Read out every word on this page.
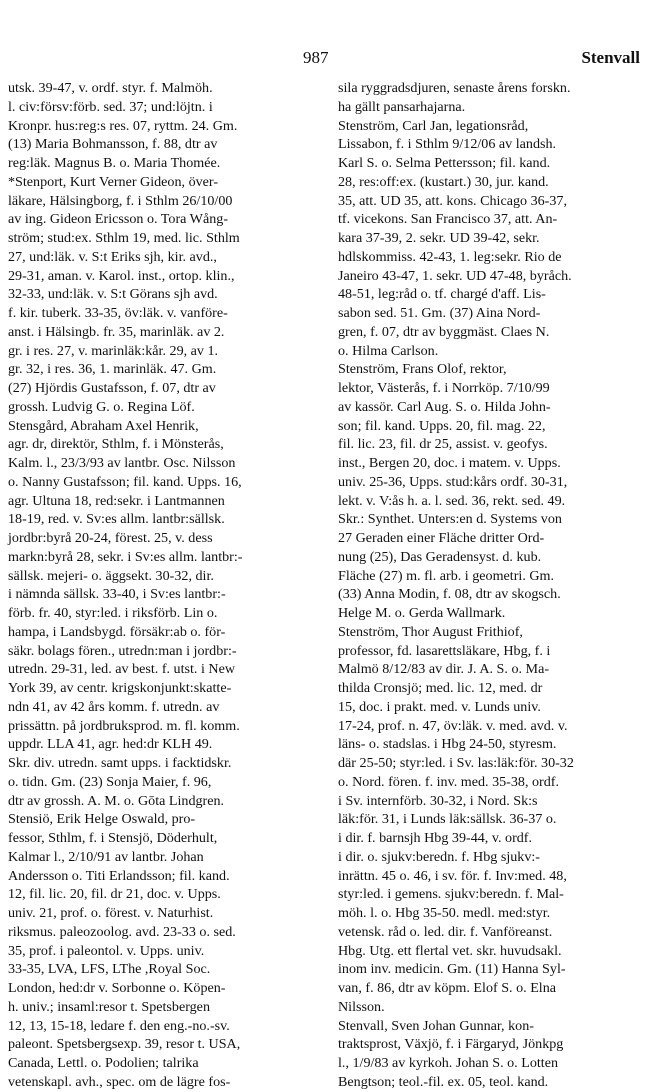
987	Stenvall
utsk. 39-47, v. ordf. styr. f. Malmöh.
l. civ:försv:förb. sed. 37; und:löjtn. i
Kronpr. hus:reg:s res. 07, ryttm. 24. Gm.
(13) Maria Bohmansson, f. 88, dtr av
reg:läk. Magnus B. o. Maria Thomée.
*Stenport, Kurt Verner Gideon, över-
läkare, Hälsingborg, f. i Sthlm 26/10/00
av ing. Gideon Ericsson o. Tora Wång-
ström; stud:ex. Sthlm 19, med. lic. Sthlm
27, und:läk. v. S:t Eriks sjh, kir. avd.,
29-31, aman. v. Karol. inst., ortop. klin.,
32-33, und:läk. v. S:t Görans sjh avd.
f. kir. tuberk. 33-35, öv:läk. v. vanföre-
anst. i Hälsingb. fr. 35, marinläk. av 2.
gr. i res. 27, v. marinläk:kår. 29, av 1.
gr. 32, i res. 36, 1. marinläk. 47. Gm.
(27) Hjördis Gustafsson, f. 07, dtr av
grossh. Ludvig G. o. Regina Löf.
Stensgård, Abraham Axel Henrik,
agr. dr, direktör, Sthlm, f. i Mönsterås,
Kalm. l., 23/3/93 av lantbr. Osc. Nilsson
o. Nanny Gustafsson; fil. kand. Upps. 16,
agr. Ultuna 18, red:sekr. i Lantmannen
18-19, red. v. Sv:es allm. lantbr:sällsk.
jordbr:byrå 20-24, förest. 25, v. dess
markn:byrå 28, sekr. i Sv:es allm. lantbr:-
sällsk. mejeri- o. äggsekt. 30-32, dir.
i nämnda sällsk. 33-40, i Sv:es lantbr:-
förb. fr. 40, styr:led. i riksförb. Lin o.
hampa, i Landsbygd. försäkr:ab o. för-
säkr. bolags fören., utredn:man i jordbr:-
utredn. 29-31, led. av best. f. utst. i New
York 39, av centr. krigskonjunkt:skatte-
ndn 41, av 42 års komm. f. utredn. av
prissättn. på jordbruksprod. m. fl. komm.
uppdr. LLA 41, agr. hed:dr KLH 49.
Skr. div. utredn. samt upps. i facktidskr.
o. tidn. Gm. (23) Sonja Maier, f. 96,
dtr av grossh. A. M. o. Gōta Lindgren.
Stensiö, Erik Helge Oswald, pro-
fessor, Sthlm, f. i Stensjö, Döderhult,
Kalmar l., 2/10/91 av lantbr. Johan
Andersson o. Titi Erlandsson; fil. kand.
12, fil. lic. 20, fil. dr 21, doc. v. Upps.
univ. 21, prof. o. förest. v. Naturhist.
riksmus. paleozoolog. avd. 23-33 o. sed.
35, prof. i paleontol. v. Upps. univ.
33-35, LVA, LFS, LThe ,Royal Soc.
London, hed:dr v. Sorbonne o. Köpen-
h. univ.; insaml:resor t. Spetsbergen
12, 13, 15-18, ledare f. den eng.-no.-sv.
paleont. Spetsbergsexp. 39, resor t. USA,
Canada, Lettl. o. Podolien; talrika
vetenskapl. avh., spec. om de lägre fos-
sila ryggradsdjuren, senaste årens forskn.
ha gällt pansarhajarna.
Stenström, Carl Jan, legationsråd,
Lissabon, f. i Sthlm 9/12/06 av landsh.
Karl S. o. Selma Pettersson; fil. kand.
28, res:off:ex. (kustart.) 30, jur. kand.
35, att. UD 35, att. kons. Chicago 36-37,
tf. vicekons. San Francisco 37, att. An-
kara 37-39, 2. sekr. UD 39-42, sekr.
hdlskommiss. 42-43, 1. leg:sekr. Rio de
Janeiro 43-47, 1. sekr. UD 47-48, byråch.
48-51, leg:råd o. tf. chargé d'aff. Lis-
sabon sed. 51. Gm. (37) Aina Nord-
gren, f. 07, dtr av byggmäst. Claes N.
o. Hilma Carlson.
Stenström, Frans Olof, rektor,
lektor, Västerås, f. i Norrköp. 7/10/99
av kassör. Carl Aug. S. o. Hilda John-
son; fil. kand. Upps. 20, fil. mag. 22,
fil. lic. 23, fil. dr 25, assist. v. geofys.
inst., Bergen 20, doc. i matem. v. Upps.
univ. 25-36, Upps. stud:kårs ordf. 30-31,
lekt. v. V:ås h. a. l. sed. 36, rekt. sed. 49.
Skr.: Synthet. Unters:en d. Systems von
27 Geraden einer Fläche dritter Ord-
nung (25), Das Geradensyst. d. kub.
Fläche (27) m. fl. arb. i geometri. Gm.
(33) Anna Modin, f. 08, dtr av skogsch.
Helge M. o. Gerda Wallmark.
Stenström, Thor August Frithiof,
professor, fd. lasarettsläkare, Hbg, f. i
Malmö 8/12/83 av dir. J. A. S. o. Ma-
thilda Cronsjö; med. lic. 12, med. dr
15, doc. i prakt. med. v. Lunds univ.
17-24, prof. n. 47, öv:läk. v. med. avd. v.
läns- o. stadslas. i Hbg 24-50, styresm.
där 25-50; styr:led. i Sv. las:läk:för. 30-32
o. Nord. fören. f. inv. med. 35-38, ordf.
i Sv. internförb. 30-32, i Nord. Sk:s
läk:för. 31, i Lunds läk:sällsk. 36-37 o.
i dir. f. barnsjh Hbg 39-44, v. ordf.
i dir. o. sjukv:beredn. f. Hbg sjukv:-
inrättn. 45 o. 46, i sv. för. f. Inv:med. 48,
styr:led. i gemens. sjukv:beredn. f. Mal-
möh. l. o. Hbg 35-50. medl. med:styr.
vetensk. råd o. led. dir. f. Vanföreanst.
Hbg. Utg. ett flertal vet. skr. huvudsakl.
inom inv. medicin. Gm. (11) Hanna Syl-
van, f. 86, dtr av köpm. Elof S. o. Elna
Nilsson.
Stenvall, Sven Johan Gunnar, kon-
traktsprost, Växjö, f. i Färgaryd, Jönkpg
l., 1/9/83 av kyrkoh. Johan S. o. Lotten
Bengtson; teol.-fil. ex. 05, teol. kand.
